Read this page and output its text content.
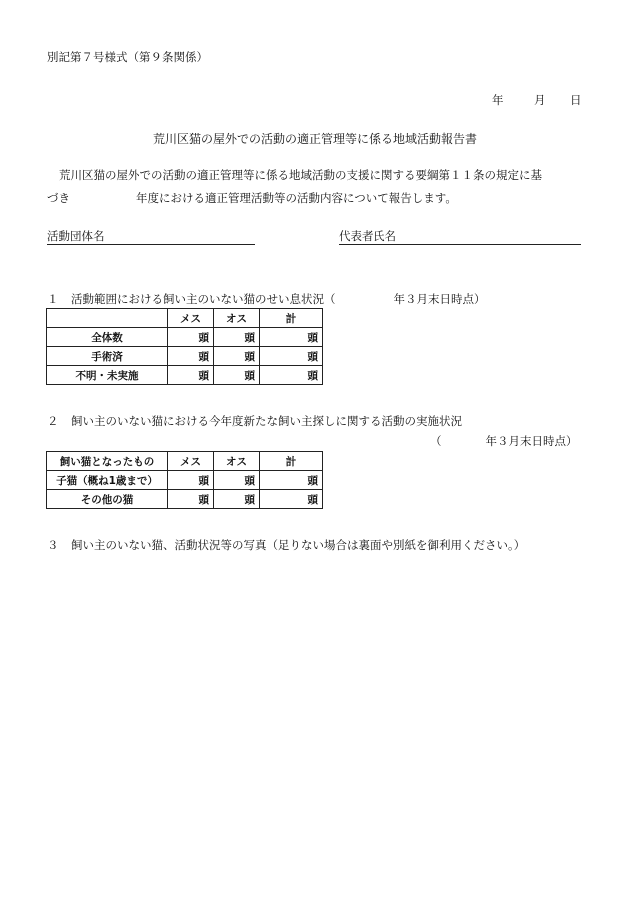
別記第７号様式（第９条関係）
年	月 日
荒川区猫の屋外での活動の適正管理等に係る地域活動報告書
荒川区猫の屋外での活動の適正管理等に係る地域活動の支援に関する要綱第１１条の規定に基
づき	年度における適正管理活動等の活動内容について報告します。
活動団体名	代表者 氏名
１ 活動範囲における飼い主のいない猫のせい息状況（	年３月末日時点）
	メス	オス	計
全体数	頭	頭	頭
手術済	頭	頭	頭
不明・未実施	頭	頭	頭
２ 飼い主のいない猫における今年度新たな飼い主探しに関する活動の実施状況
（	年３月末日時点）
飼い猫となったもの	メス	オス	計
子猫（概ね1歳まで）	頭	頭	頭
その他の猫	頭	頭	頭
３ 飼い主のいない猫、活動状況等の写真（足りない場合は裏面や別紙を御利用ください。）
